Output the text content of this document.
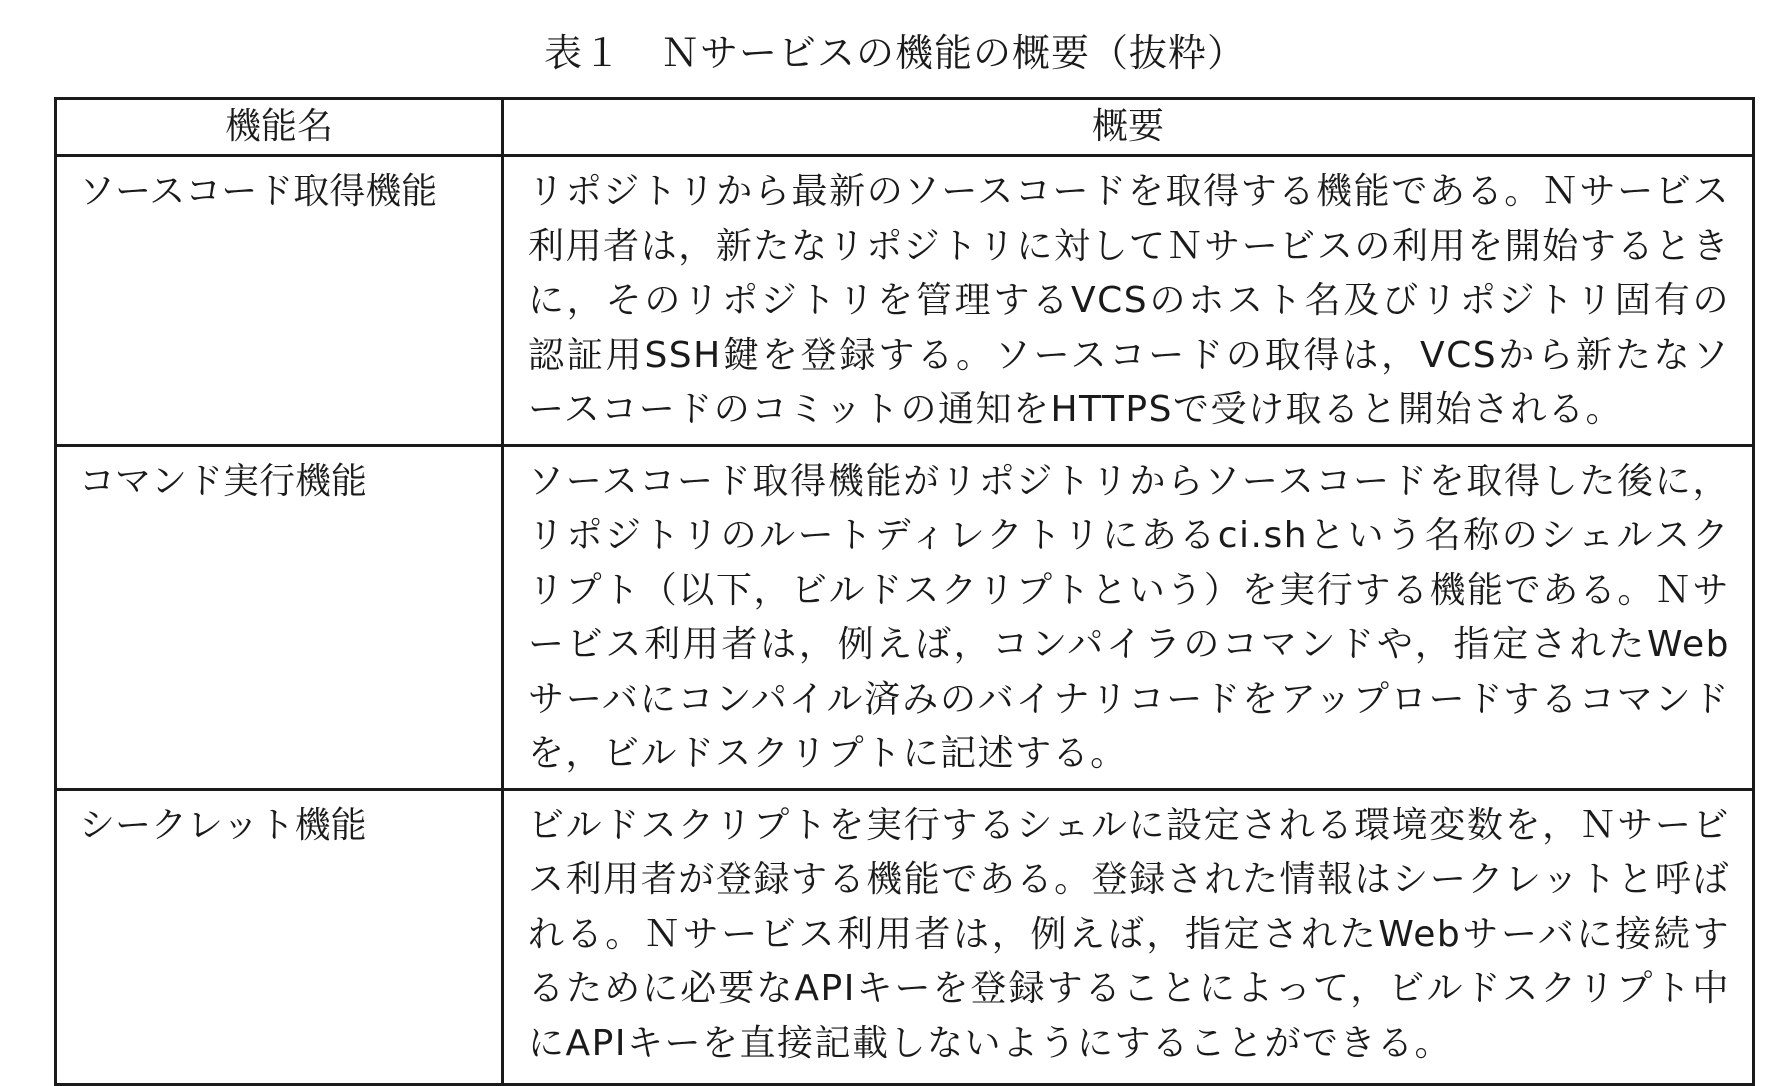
表１　Ｎサービスの機能の概要（抜粋）
機能名	概要
ソースコード取得機能	リポジトリから最新のソースコードを取得する機能である。Ｎサービス利用者は，新たなリポジトリに対してＮサービスの利用を開始するときに，そのリポジトリを管理するVCSのホスト名及びリポジトリ固有の認証用SSH鍵を登録する。ソースコードの取得は，VCSから新たなソースコードのコミットの通知をHTTPSで受け取ると開始される。
コマンド実行機能	ソースコード取得機能がリポジトリからソースコードを取得した後に，リポジトリのルートディレクトリにあるci.shという名称のシェルスクリプト（以下，ビルドスクリプトという）を実行する機能である。Ｎサービス利用者は，例えば，コンパイラのコマンドや，指定されたWebサーバにコンパイル済みのバイナリコードをアップロードするコマンドを，ビルドスクリプトに記述する。
シークレット機能	ビルドスクリプトを実行するシェルに設定される環境変数を，Ｎサービス利用者が登録する機能である。登録された情報はシークレットと呼ばれる。Ｎサービス利用者は，例えば，指定されたWebサーバに接続するために必要なAPIキーを登録することによって，ビルドスクリプト中にAPIキーを直接記載しないようにすることができる。
